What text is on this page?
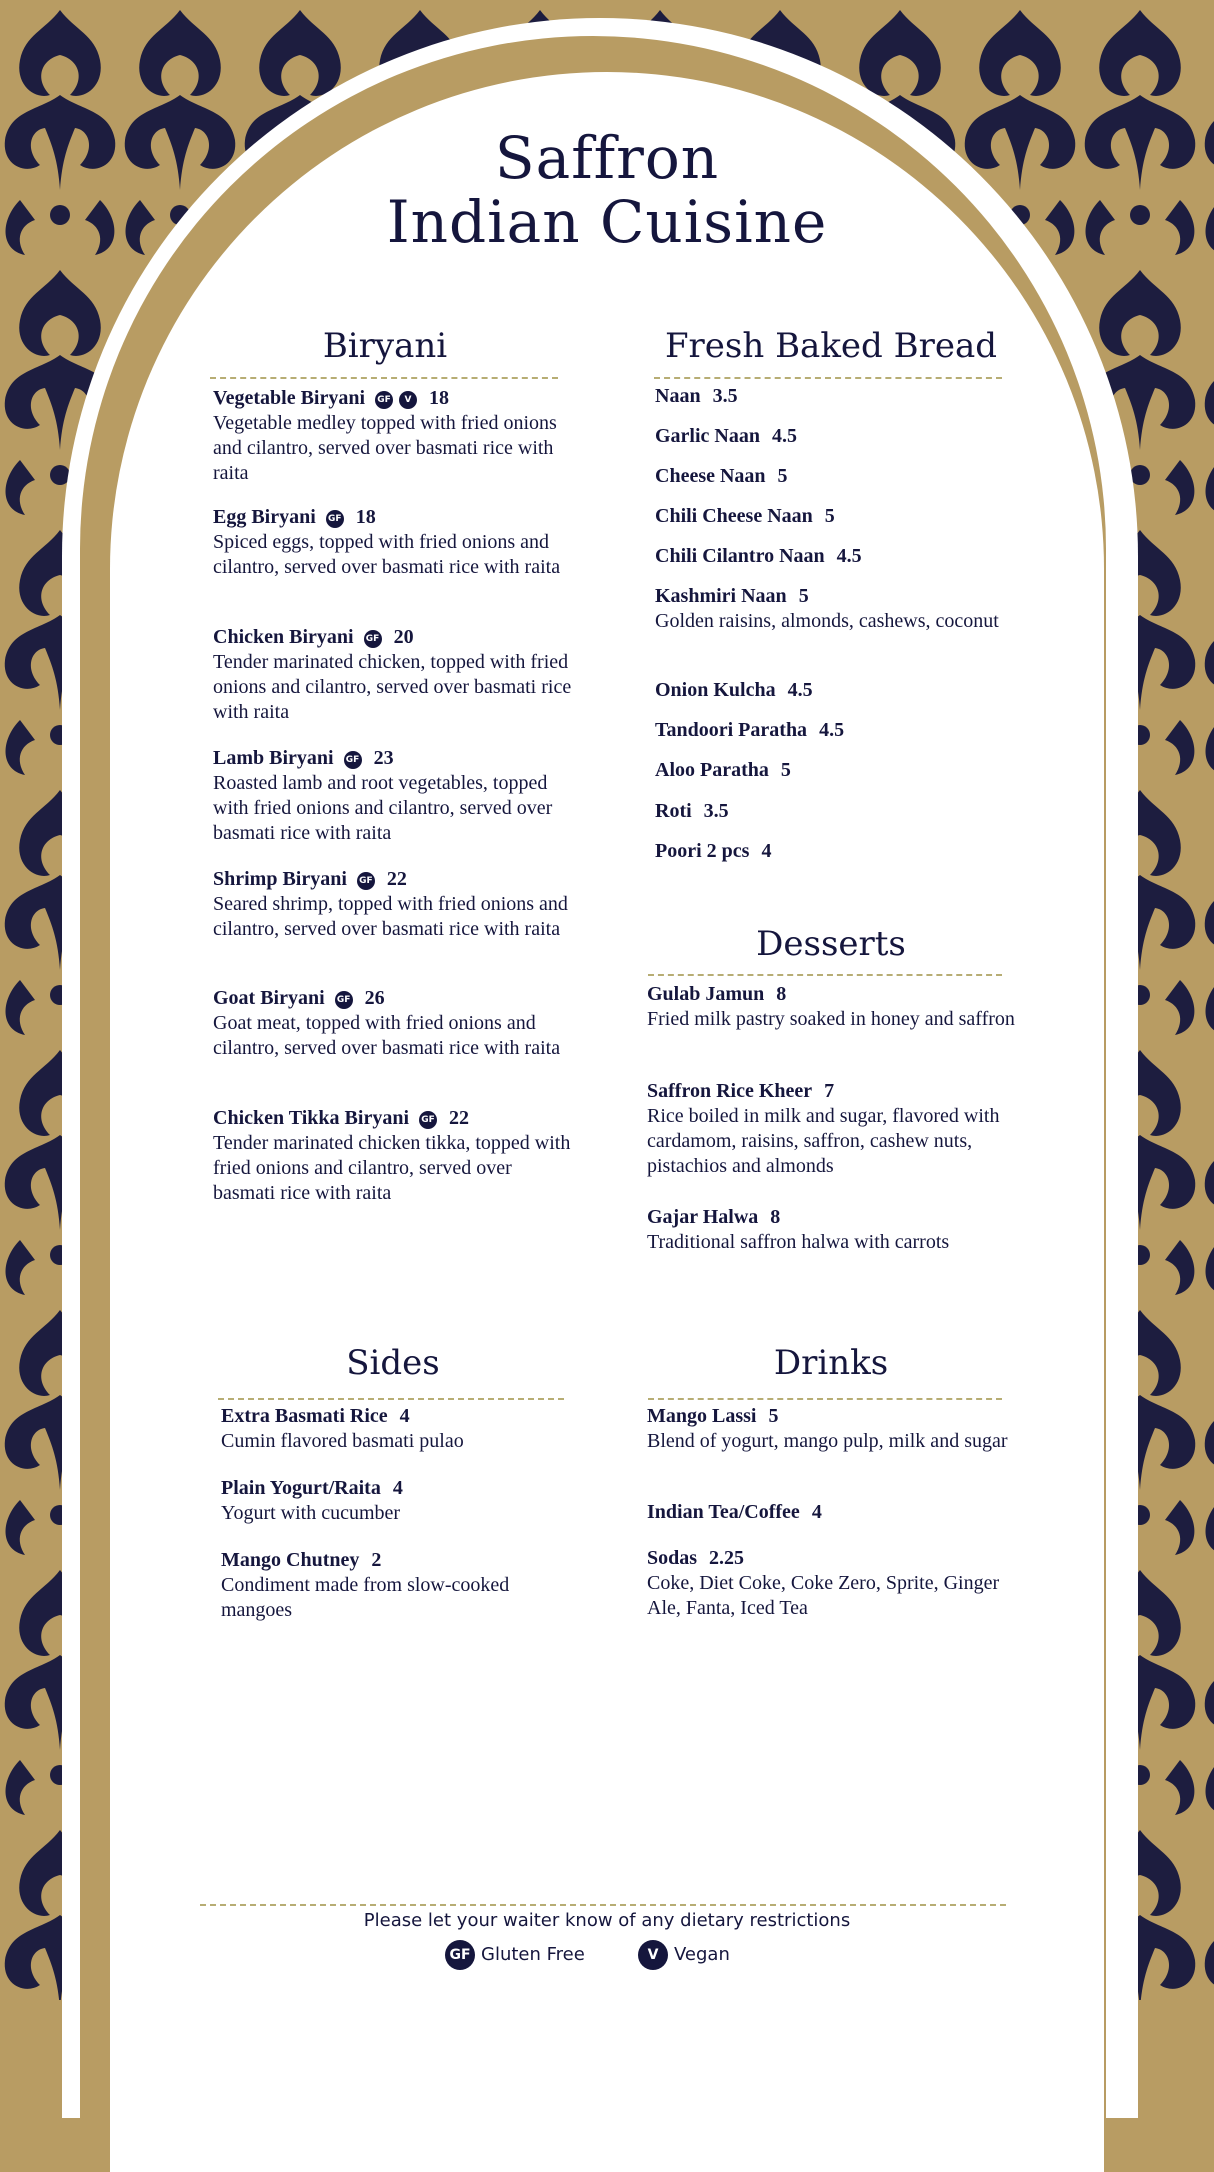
Saffron
Indian Cuisine
Biryani
Vegetable Biryani GF V 18
Vegetable medley topped with fried onions and cilantro, served over basmati rice with raita
Egg Biryani GF 18
Spiced eggs, topped with fried onions and cilantro, served over basmati rice with raita
Chicken Biryani GF 20
Tender marinated chicken, topped with fried onions and cilantro, served over basmati rice with raita
Lamb Biryani GF 23
Roasted lamb and root vegetables, topped with fried onions and cilantro, served over basmati rice with raita
Shrimp Biryani GF 22
Seared shrimp, topped with fried onions and cilantro, served over basmati rice with raita
Goat Biryani GF 26
Goat meat, topped with fried onions and cilantro, served over basmati rice with raita
Chicken Tikka Biryani GF 22
Tender marinated chicken tikka, topped with fried onions and cilantro, served over basmati rice with raita
Fresh Baked Bread
Naan 3.5
Garlic Naan 4.5
Cheese Naan 5
Chili Cheese Naan 5
Chili Cilantro Naan 4.5
Kashmiri Naan 5
Golden raisins, almonds, cashews, coconut
Onion Kulcha 4.5
Tandoori Paratha 4.5
Aloo Paratha 5
Roti 3.5
Poori 2 pcs 4
Desserts
Gulab Jamun 8
Fried milk pastry soaked in honey and saffron
Saffron Rice Kheer 7
Rice boiled in milk and sugar, flavored with cardamom, raisins, saffron, cashew nuts, pistachios and almonds
Gajar Halwa 8
Traditional saffron halwa with carrots
Sides
Extra Basmati Rice 4
Cumin flavored basmati pulao
Plain Yogurt/Raita 4
Yogurt with cucumber
Mango Chutney 2
Condiment made from slow-cooked mangoes
Drinks
Mango Lassi 5
Blend of yogurt, mango pulp, milk and sugar
Indian Tea/Coffee 4
Sodas 2.25
Coke, Diet Coke, Coke Zero, Sprite, Ginger Ale, Fanta, Iced Tea
Please let your waiter know of any dietary restrictions
GF Gluten Free	V Vegan
